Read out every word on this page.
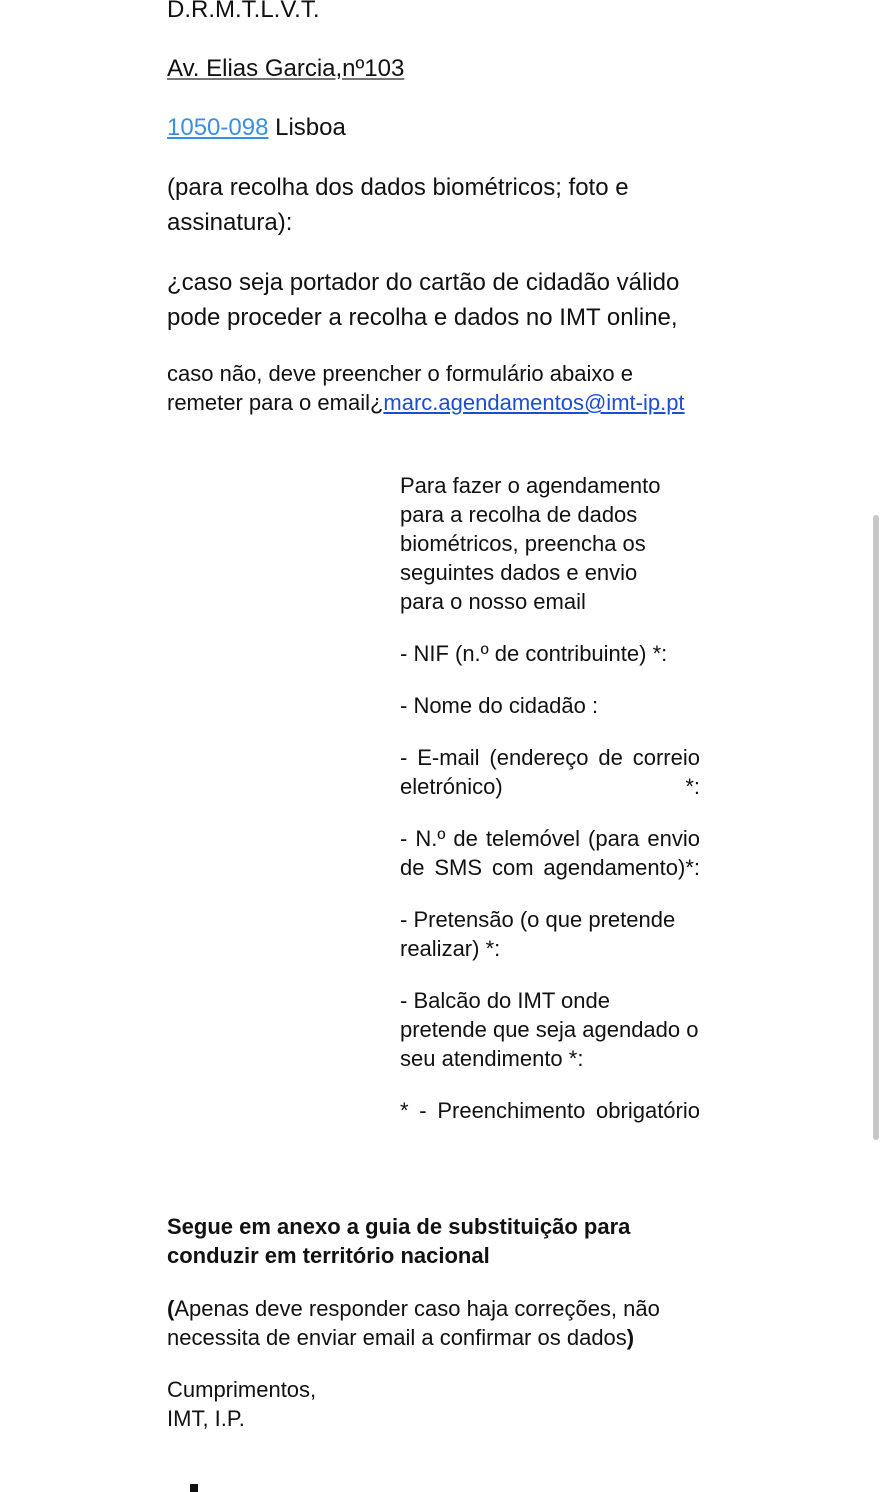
D.R.M.T.L.V.T.

Av. Elias Garcia,nº103

1050-098 Lisboa

(para recolha dos dados biométricos; foto e assinatura):

¿caso seja portador do cartão de cidadão válido pode proceder a recolha e dados no IMT online,

caso não, deve preencher o formulário abaixo e remeter para o email¿marc.agendamentos@imt-ip.pt

Para fazer o agendamento para a recolha de dados biométricos, preencha os seguintes dados e envio para o nosso email

- NIF (n.º de contribuinte) *:

- Nome do cidadão :

- E-mail (endereço de correio eletrónico) *:

- N.º de telemóvel (para envio de SMS com agendamento)*:

- Pretensão (o que pretende realizar) *:

- Balcão do IMT onde pretende que seja agendado o seu atendimento *:

* - Preenchimento obrigatório

Segue em anexo a guia de substituição para conduzir em território nacional

(Apenas deve responder caso haja correções, não necessita de enviar email a confirmar os dados)

Cumprimentos,

IMT, I.P.
